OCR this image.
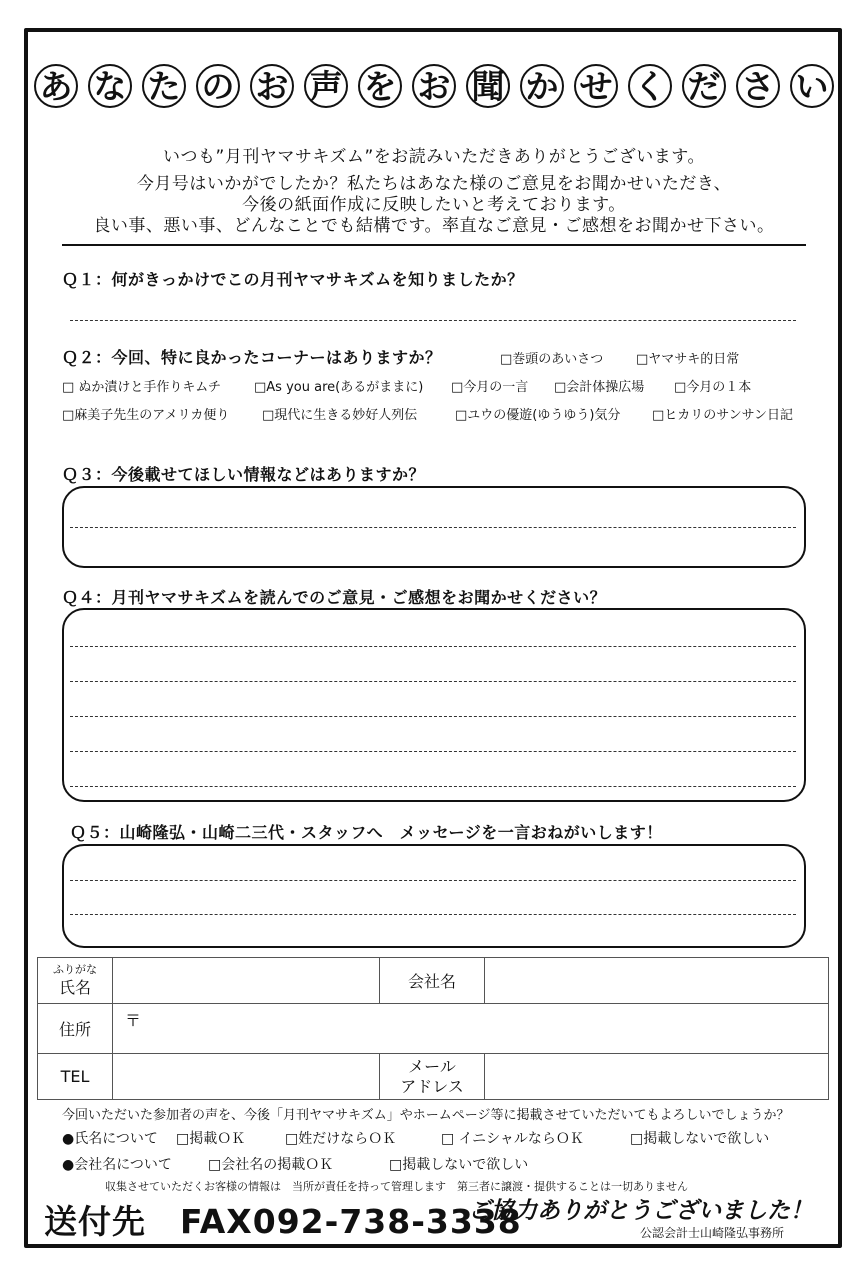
あ な た の お 声 を お 聞 か せ く だ さ い
いつも”月刊ヤマサキズム”をお読みいただきありがとうございます。
今月号はいかがでしたか？私たちはあなた様のご意見をお聞かせいただき、
今後の紙面作成に反映したいと考えております。
良い事、悪い事、どんなことでも結構です。率直なご意見・ご感想をお聞かせ下さい。
Ｑ１：何がきっかけでこの月刊ヤマサキズムを知りましたか？
Ｑ２：今回、特に良かったコーナーはありますか？	□巻頭のあいさつ	□ヤマサキ的日常
□ ぬか漬けと手作りキムチ	□As you are(あるがままに) □今月の一言 □会計体操広場 □今月の１本
□麻美子先生のアメリカ便り	□現代に生きる妙好人列伝	□ユウの優遊(ゆうゆう)気分 □ヒカリのサンサン日記
Ｑ３：今後載せてほしい情報などはありますか？
Ｑ４：月刊ヤマサキズムを読んでのご意見・ご感想をお聞かせください？
Ｑ５：山崎隆弘・山崎二三代・スタッフへ　メッセージを一言おねがいします！
ふりがな
氏名		会社名	
住所	〒		
TEL		メール
アドレス	

今回いただいた参加者の声を、今後「月刊ヤマサキズム」やホームページ等に掲載させていただいてもよろしいでしょうか？
●氏名について □掲載ＯＫ	□姓だけならＯＫ	□ イニシャルならＯＫ	□掲載しないで欲しい
●会社名について	□会社名の掲載ＯＫ	□掲載しないで欲しい
収集させていただくお客様の情報は　当所が責任を持って管理します　第三者に譲渡・提供することは一切ありません
送付先　FAX092-738-3338
ご協力ありがとうございました！
公認会計士山崎隆弘事務所
